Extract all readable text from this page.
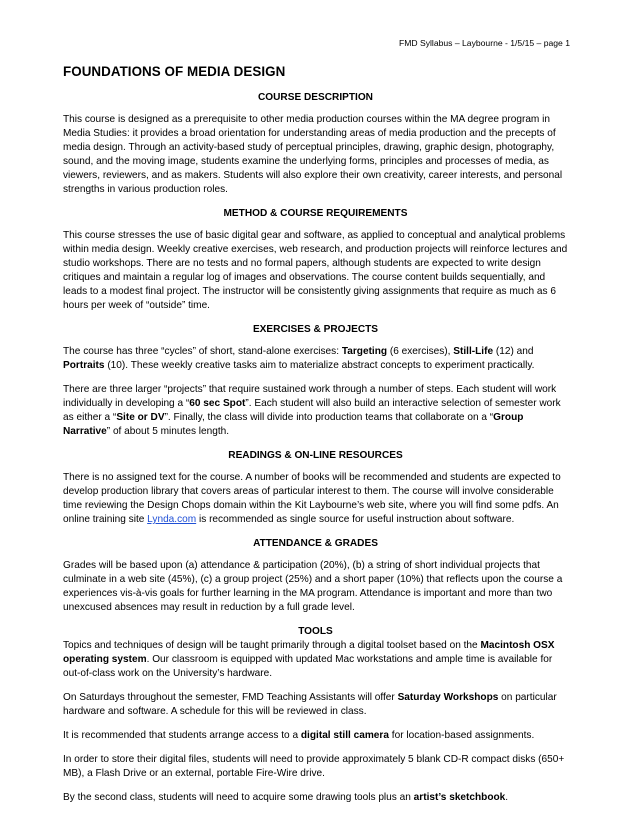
FMD Syllabus – Laybourne - 1/5/15 – page 1
FOUNDATIONS OF MEDIA DESIGN
COURSE DESCRIPTION

This course is designed as a prerequisite to other media production courses within the MA degree program in Media Studies: it provides a broad orientation for understanding areas of media production and the precepts of media design. Through an activity-based study of perceptual principles, drawing, graphic design, photography, sound, and the moving image, students examine the underlying forms, principles and processes of media, as viewers, reviewers, and as makers. Students will also explore their own creativity, career interests, and personal strengths in various production roles.

METHOD & COURSE REQUIREMENTS

This course stresses the use of basic digital gear and software, as applied to conceptual and analytical problems within media design. Weekly creative exercises, web research, and production projects will reinforce lectures and studio workshops. There are no tests and no formal papers, although students are expected to write design critiques and maintain a regular log of images and observations. The course content builds sequentially, and leads to a modest final project. The instructor will be consistently giving assignments that require as much as 6 hours per week of “outside” time.

EXERCISES & PROJECTS

The course has three “cycles” of short, stand-alone exercises: Targeting (6 exercises), Still-Life (12) and Portraits (10). These weekly creative tasks aim to materialize abstract concepts to experiment practically.

There are three larger “projects” that require sustained work through a number of steps. Each student will work individually in developing a “60 sec Spot”. Each student will also build an interactive selection of semester work as either a “Site or DV”. Finally, the class will divide into production teams that collaborate on a “Group Narrative” of about 5 minutes length.

READINGS & ON-LINE RESOURCES

There is no assigned text for the course. A number of books will be recommended and students are expected to develop production library that covers areas of particular interest to them. The course will involve considerable time reviewing the Design Chops domain within the Kit Laybourne’s web site, where you will find some pdfs. An online training site Lynda.com is recommended as single source for useful instruction about software.

ATTENDANCE & GRADES

Grades will be based upon (a) attendance & participation (20%), (b) a string of short individual projects that culminate in a web site (45%), (c) a group project (25%) and a short paper (10%) that reflects upon the course a experiences vis-à-vis goals for further learning in the MA program. Attendance is important and more than two unexcused absences may result in reduction by a full grade level.

TOOLS

Topics and techniques of design will be taught primarily through a digital toolset based on the Macintosh OSX operating system. Our classroom is equipped with updated Mac workstations and ample time is available for out-of-class work on the University’s hardware.

On Saturdays throughout the semester, FMD Teaching Assistants will offer Saturday Workshops on particular hardware and software. A schedule for this will be reviewed in class.

It is recommended that students arrange access to a digital still camera for location-based assignments.

In order to store their digital files, students will need to provide approximately 5 blank CD-R compact disks (650+ MB), a Flash Drive or an external, portable Fire-Wire drive.

By the second class, students will need to acquire some drawing tools plus an artist’s sketchbook.
